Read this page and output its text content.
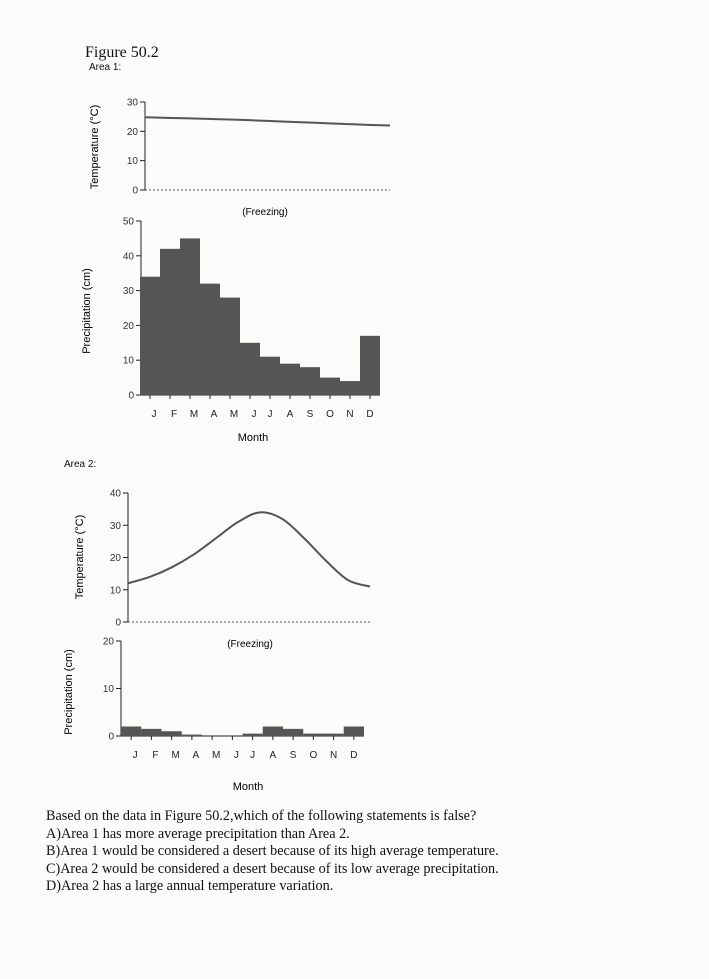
Figure 50.2
Area 1:
Area 2:
Temperature (°C)
(Freezing)
0
10
20
30
Precipitation (cm)
Month
0
10
20
30
40
50
J F M A M J J A S O N D
Temperature (°C)
(Freezing)
0
10
20
30
40
Precipitation (cm)
Month
0
10
20
J F M A M J J A S O N D
Based on the data in Figure 50.2,which of the following statements is false?
A)Area 1 has more average precipitation than Area 2.
B)Area 1 would be considered a desert because of its high average temperature.
C)Area 2 would be considered a desert because of its low average precipitation.
D)Area 2 has a large annual temperature variation.
